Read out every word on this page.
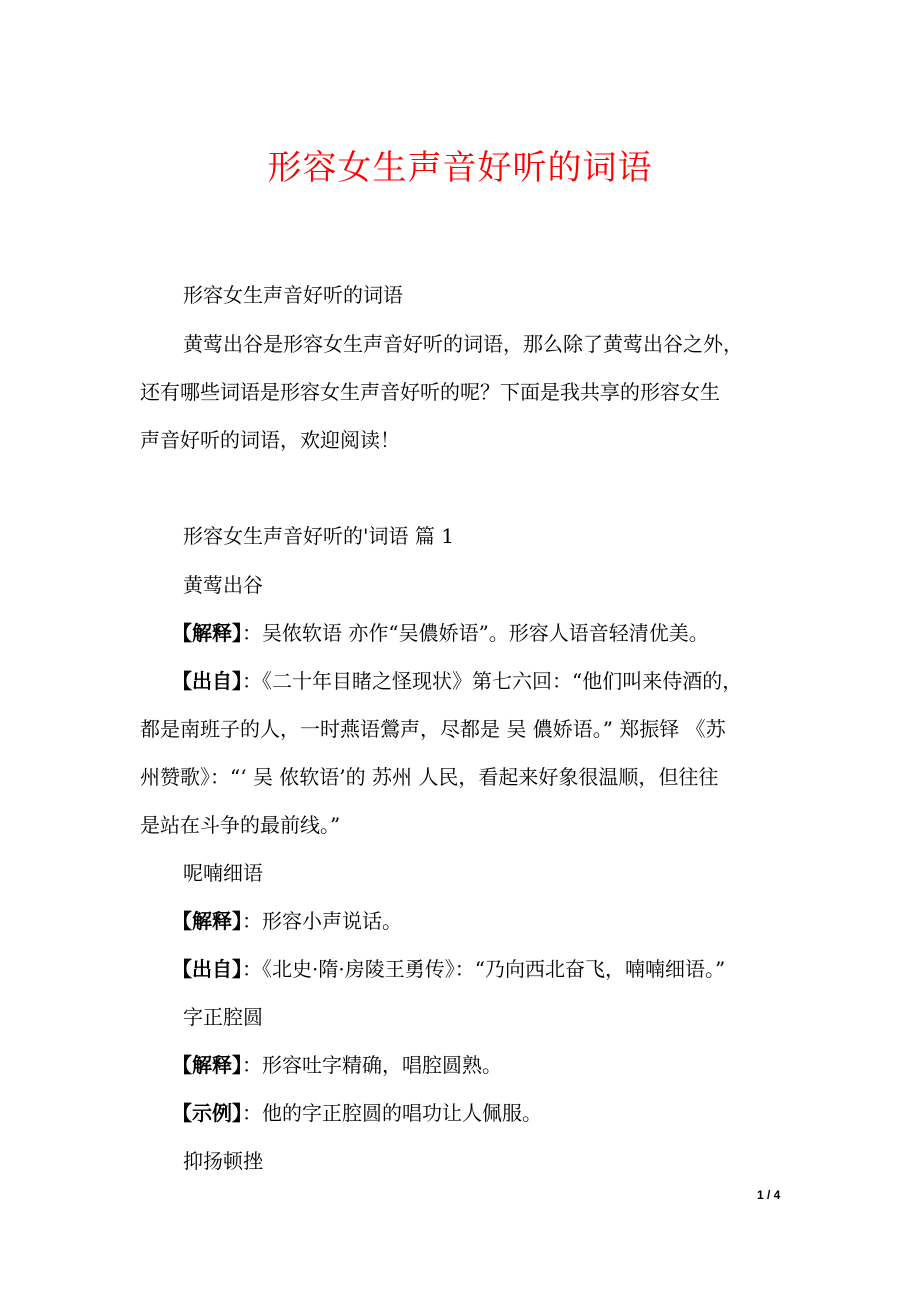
形容女生声音好听的词语
形容女生声音好听的词语
黄莺出谷是形容女生声音好听的词语，那么除了黄莺出谷之外，
还有哪些词语是形容女生声音好听的呢？下面是我共享的形容女生
声音好听的词语，欢迎阅读！
形容女生声音好听的'词语 篇 1
黄莺出谷
【解释】：吴侬软语 亦作“吴儂娇语”。形容人语音轻清优美。
【出自】：《二十年目睹之怪现状》第七六回：“他们叫来侍酒的，
都是南班子的人，一时燕语鶯声，尽都是 吴 儂娇语。” 郑振铎 《苏
州赞歌》：“‘ 吴 侬软语’的 苏州 人民，看起来好象很温顺，但往往
是站在斗争的最前线。”
呢喃细语
【解释】：形容小声说话。
【出自】：《北史·隋·房陵王勇传》：“乃向西北奋飞，喃喃细语。”
字正腔圆
【解释】：形容吐字精确，唱腔圆熟。
【示例】：他的字正腔圆的唱功让人佩服。
抑扬顿挫
1 / 4
